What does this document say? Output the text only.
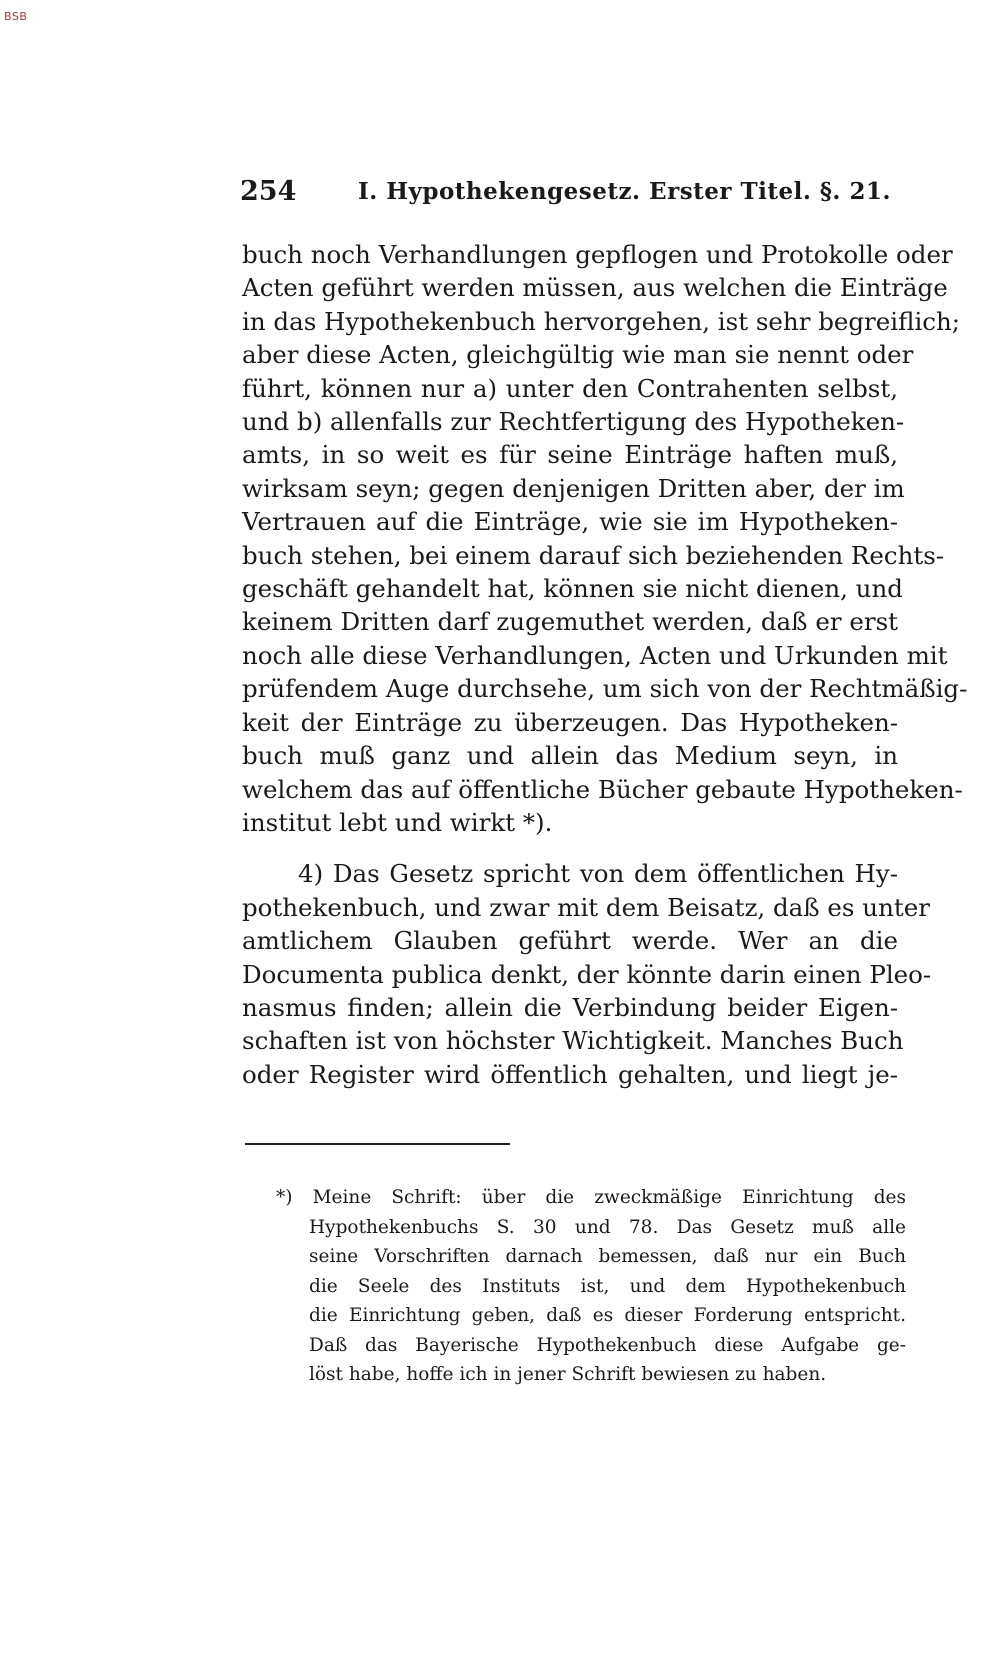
BSB
254	I. Hypothekengesetz. Erster Titel. §. 21.
buch noch Verhandlungen gepflogen und Protokolle oder
Acten geführt werden müssen, aus welchen die Einträge
in das Hypothekenbuch hervorgehen, ist sehr begreiflich;
aber diese Acten, gleichgültig wie man sie nennt oder
führt, können nur a) unter den Contrahenten selbst,
und b) allenfalls zur Rechtfertigung des Hypotheken-
amts, in so weit es für seine Einträge haften muß,
wirksam seyn; gegen denjenigen Dritten aber, der im
Vertrauen auf die Einträge, wie sie im Hypotheken-
buch stehen, bei einem darauf sich beziehenden Rechts-
geschäft gehandelt hat, können sie nicht dienen, und
keinem Dritten darf zugemuthet werden, daß er erst
noch alle diese Verhandlungen, Acten und Urkunden mit
prüfendem Auge durchsehe, um sich von der Rechtmäßig-
keit der Einträge zu überzeugen. Das Hypotheken-
buch muß ganz und allein das Medium seyn, in
welchem das auf öffentliche Bücher gebaute Hypotheken-
institut lebt und wirkt *).
4) Das Gesetz spricht von dem öffentlichen Hy-
pothekenbuch, und zwar mit dem Beisatz, daß es unter
amtlichem Glauben geführt werde. Wer an die
Documenta publica denkt, der könnte darin einen Pleo-
nasmus finden; allein die Verbindung beider Eigen-
schaften ist von höchster Wichtigkeit. Manches Buch
oder Register wird öffentlich gehalten, und liegt je-
*) Meine Schrift: über die zweckmäßige Einrichtung des
Hypothekenbuchs S. 30 und 78. Das Gesetz muß alle
seine Vorschriften darnach bemessen, daß nur ein Buch
die Seele des Instituts ist, und dem Hypothekenbuch
die Einrichtung geben, daß es dieser Forderung entspricht.
Daß das Bayerische Hypothekenbuch diese Aufgabe ge-
löst habe, hoffe ich in jener Schrift bewiesen zu haben.
